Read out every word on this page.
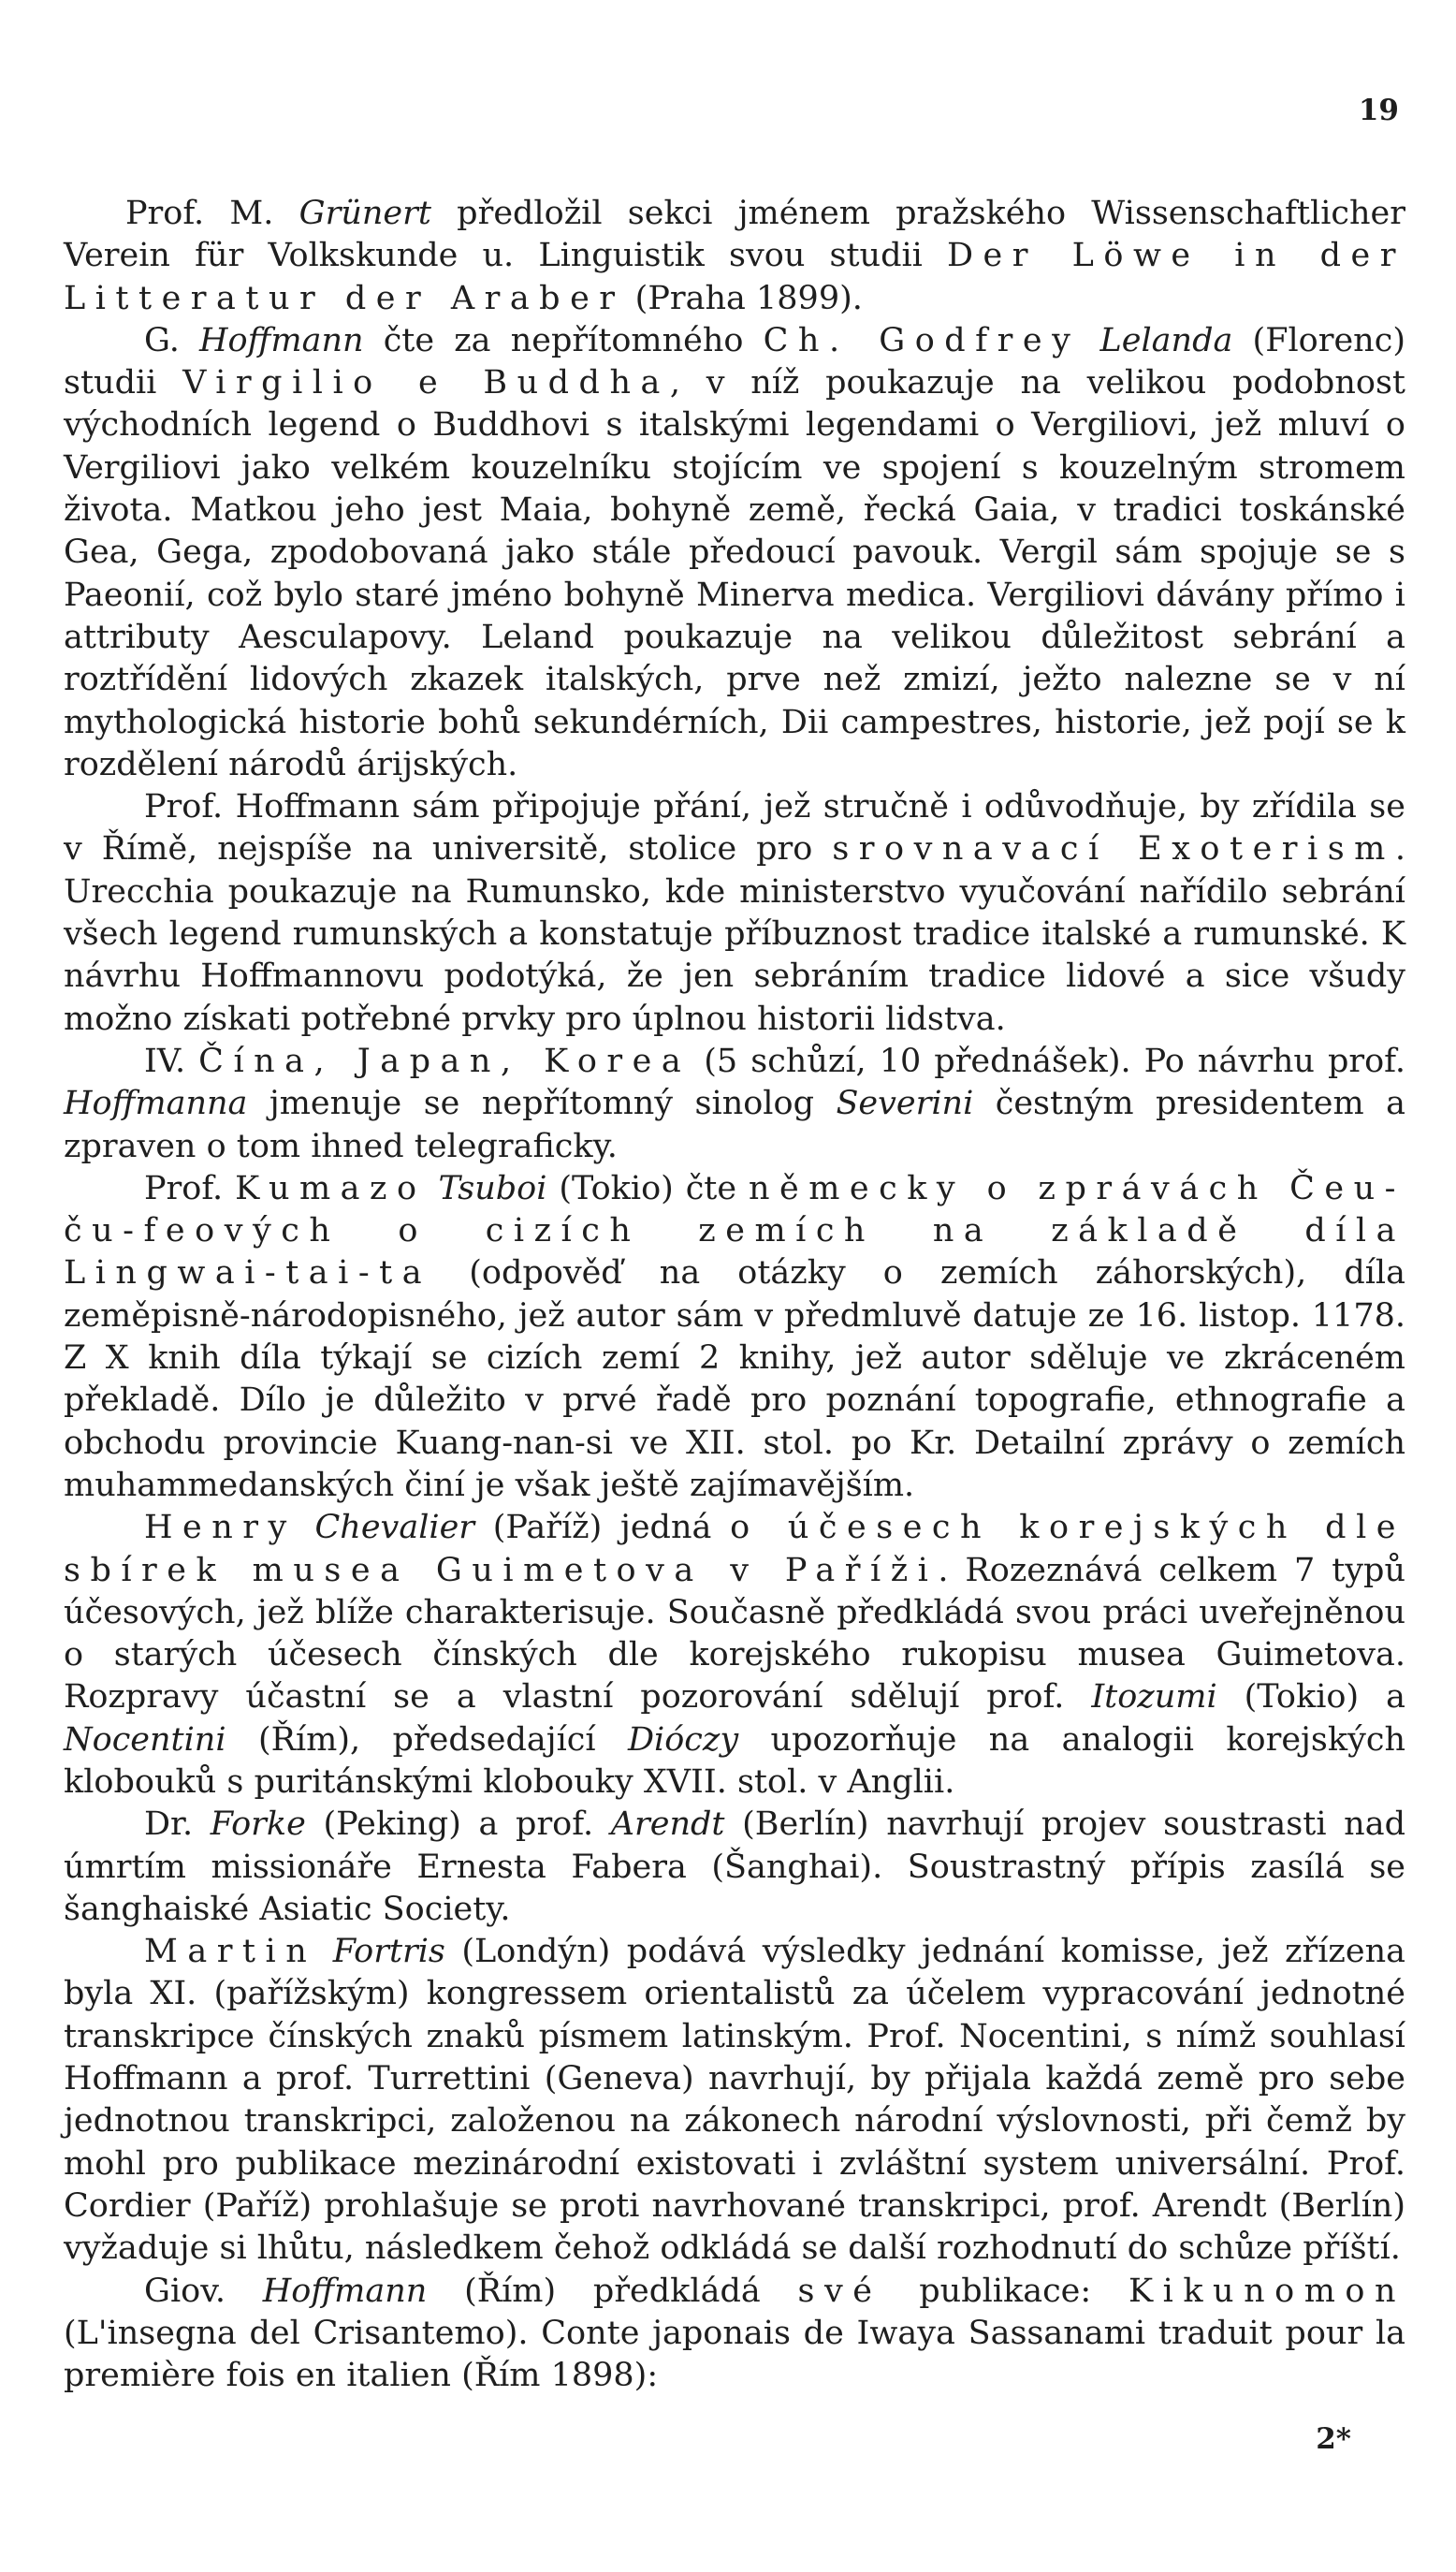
19

Prof. M. Grünert předložil sekci jménem pražského Wissenschaftlicher Verein für Volkskunde u. Linguistik svou studii Der Löwe in der Litteratur der Araber (Praha 1899).

G. Hoffmann čte za nepřítomného Ch. Godfrey Lelanda (Florenc) studii Virgilio e Buddha, v níž poukazuje na velikou podobnost východních legend o Buddhovi s italskými legendami o Vergiliovi, jež mluví o Vergiliovi jako velkém kouzelníku stojícím ve spojení s kouzelným stromem života. Matkou jeho jest Maia, bohyně země, řecká Gaia, v tradici toskánské Gea, Gega, zpodobovaná jako stále předoucí pavouk. Vergil sám spojuje se s Paeonií, což bylo staré jméno bohyně Minerva medica. Vergiliovi dávány přímo i attributy Aesculapovy. Leland poukazuje na velikou důležitost sebrání a roztřídění lidových zkazek italských, prve než zmizí, ježto nalezne se v ní mythologická historie bohů sekundérních, Dii campestres, historie, jež pojí se k rozdělení národů árijských.

Prof. Hoffmann sám připojuje přání, jež stručně i odůvodňuje, by zřídila se v Římě, nejspíše na universitě, stolice pro srovnavací Exoterism. Urecchia poukazuje na Rumunsko, kde ministerstvo vyučování nařídilo sebrání všech legend rumunských a konstatuje příbuznost tradice italské a rumunské. K návrhu Hoffmannovu podotýká, že jen sebráním tradice lidové a sice všudy možno získati potřebné prvky pro úplnou historii lidstva.

IV. Čína, Japan, Korea (5 schůzí, 10 přednášek). Po návrhu prof. Hoffmanna jmenuje se nepřítomný sinolog Severini čestným presidentem a zpraven o tom ihned telegraficky.

Prof. Kumazo Tsuboi (Tokio) čte německy o zprávách Čeu-ču-feových o cizích zemích na základě díla Lingwai-tai-ta (odpověď na otázky o zemích záhorských), díla zeměpisně-národopisného, jež autor sám v předmluvě datuje ze 16. listop. 1178. Z X knih díla týkají se cizích zemí 2 knihy, jež autor sděluje ve zkráceném překladě. Dílo je důležito v prvé řadě pro poznání topografie, ethnografie a obchodu provincie Kuang-nan-si ve XII. stol. po Kr. Detailní zprávy o zemích muhammedanských činí je však ještě zajímavějším.

Henry Chevalier (Paříž) jedná o účesech korejských dle sbírek musea Guimetova v Paříži. Rozeznává celkem 7 typů účesových, jež blíže charakterisuje. Současně předkládá svou práci uveřejněnou o starých účesech čínských dle korejského rukopisu musea Guimetova. Rozpravy účastní se a vlastní pozorování sdělují prof. Itozumi (Tokio) a Nocentini (Řím), předsedající Dióczy upozorňuje na analogii korejských klobouků s puritánskými klobouky XVII. stol. v Anglii.

Dr. Forke (Peking) a prof. Arendt (Berlín) navrhují projev soustrasti nad úmrtím missionáře Ernesta Fabera (Šanghai). Soustrastný přípis zasílá se šanghaiské Asiatic Society.

Martin Fortris (Londýn) podává výsledky jednání komisse, jež zřízena byla XI. (pařížským) kongressem orientalistů za účelem vypracování jednotné transkripce čínských znaků písmem latinským. Prof. Nocentini, s nímž souhlasí Hoffmann a prof. Turrettini (Geneva) navrhují, by přijala každá země pro sebe jednotnou transkripci, založenou na zákonech národní výslovnosti, při čemž by mohl pro publikace mezinárodní existovati i zvláštní system universální. Prof. Cordier (Paříž) prohlašuje se proti navrhované transkripci, prof. Arendt (Berlín) vyžaduje si lhůtu, následkem čehož odkládá se další rozhodnutí do schůze příští.

Giov. Hoffmann (Řím) předkládá své publikace: Kikunomon (L'insegna del Crisantemo). Conte japonais de Iwaya Sassanami traduit pour la première fois en italien (Řím 1898):

2*
